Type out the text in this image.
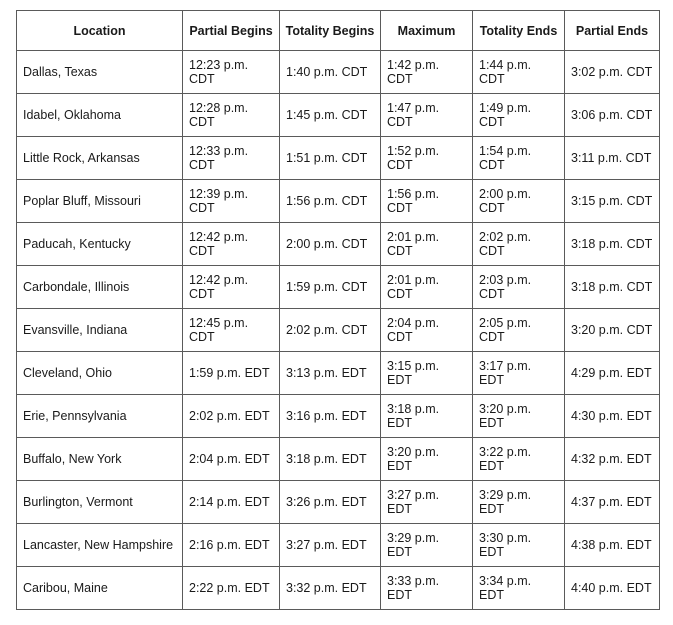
Location	Partial Begins	Totality Begins	Maximum	Totality Ends	Partial Ends
Dallas, Texas	12:23 p.m. CDT	1:40 p.m. CDT	1:42 p.m. CDT	1:44 p.m. CDT	3:02 p.m. CDT
Idabel, Oklahoma	12:28 p.m. CDT	1:45 p.m. CDT	1:47 p.m. CDT	1:49 p.m. CDT	3:06 p.m. CDT
Little Rock, Arkansas	12:33 p.m. CDT	1:51 p.m. CDT	1:52 p.m. CDT	1:54 p.m. CDT	3:11 p.m. CDT
Poplar Bluff, Missouri	12:39 p.m. CDT	1:56 p.m. CDT	1:56 p.m. CDT	2:00 p.m. CDT	3:15 p.m. CDT
Paducah, Kentucky	12:42 p.m. CDT	2:00 p.m. CDT	2:01 p.m. CDT	2:02 p.m. CDT	3:18 p.m. CDT
Carbondale, Illinois	12:42 p.m. CDT	1:59 p.m. CDT	2:01 p.m. CDT	2:03 p.m. CDT	3:18 p.m. CDT
Evansville, Indiana	12:45 p.m. CDT	2:02 p.m. CDT	2:04 p.m. CDT	2:05 p.m. CDT	3:20 p.m. CDT
Cleveland, Ohio	1:59 p.m. EDT	3:13 p.m. EDT	3:15 p.m. EDT	3:17 p.m. EDT	4:29 p.m. EDT
Erie, Pennsylvania	2:02 p.m. EDT	3:16 p.m. EDT	3:18 p.m. EDT	3:20 p.m. EDT	4:30 p.m. EDT
Buffalo, New York	2:04 p.m. EDT	3:18 p.m. EDT	3:20 p.m. EDT	3:22 p.m. EDT	4:32 p.m. EDT
Burlington, Vermont	2:14 p.m. EDT	3:26 p.m. EDT	3:27 p.m. EDT	3:29 p.m. EDT	4:37 p.m. EDT
Lancaster, New Hampshire	2:16 p.m. EDT	3:27 p.m. EDT	3:29 p.m. EDT	3:30 p.m. EDT	4:38 p.m. EDT
Caribou, Maine	2:22 p.m. EDT	3:32 p.m. EDT	3:33 p.m. EDT	3:34 p.m. EDT	4:40 p.m. EDT
